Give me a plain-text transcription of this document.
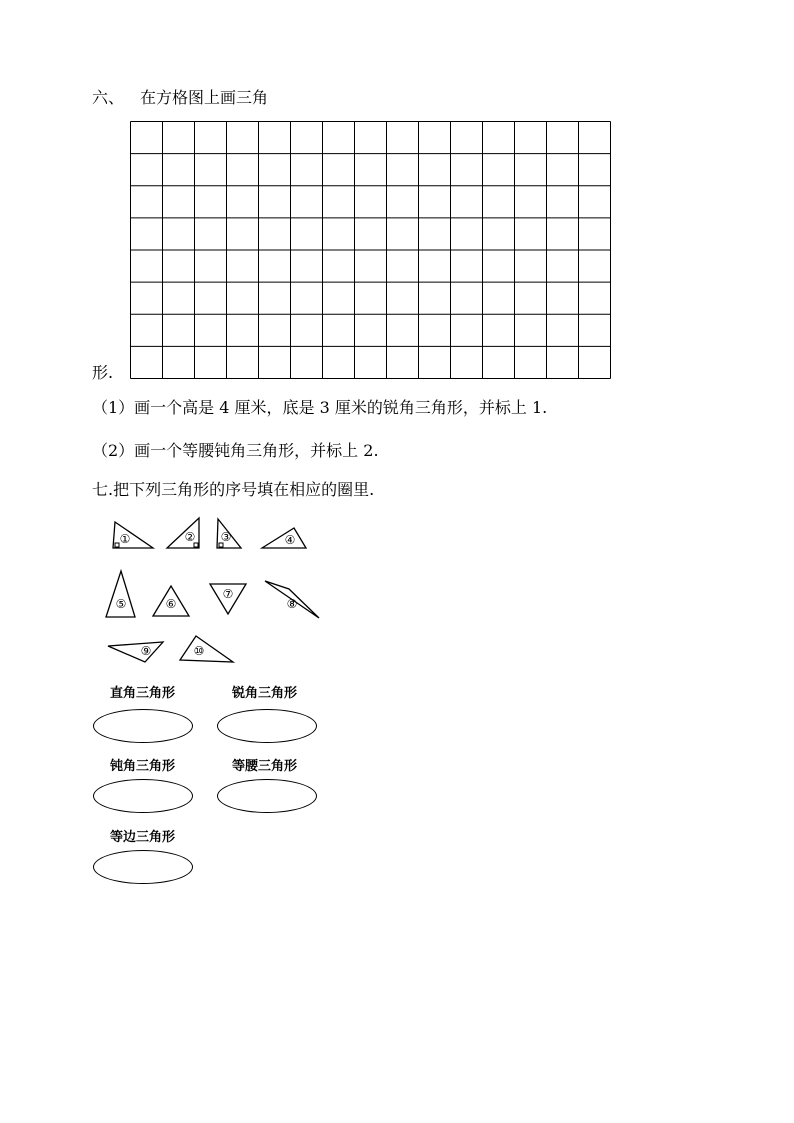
六、 在方格图上画三角
形.
（1）画一个高是 4 厘米，底是 3 厘米的锐角三角形，并标上 1.
（2）画一个等腰钝角三角形，并标上 2.
七.把下列三角形的序号填在相应的圈里.
①	② ③	④
⑤	⑥
⑦
⑧
⑨	⑩
直角三角形	锐角三角形
钝角三角形	等腰三角形
等边三角形
